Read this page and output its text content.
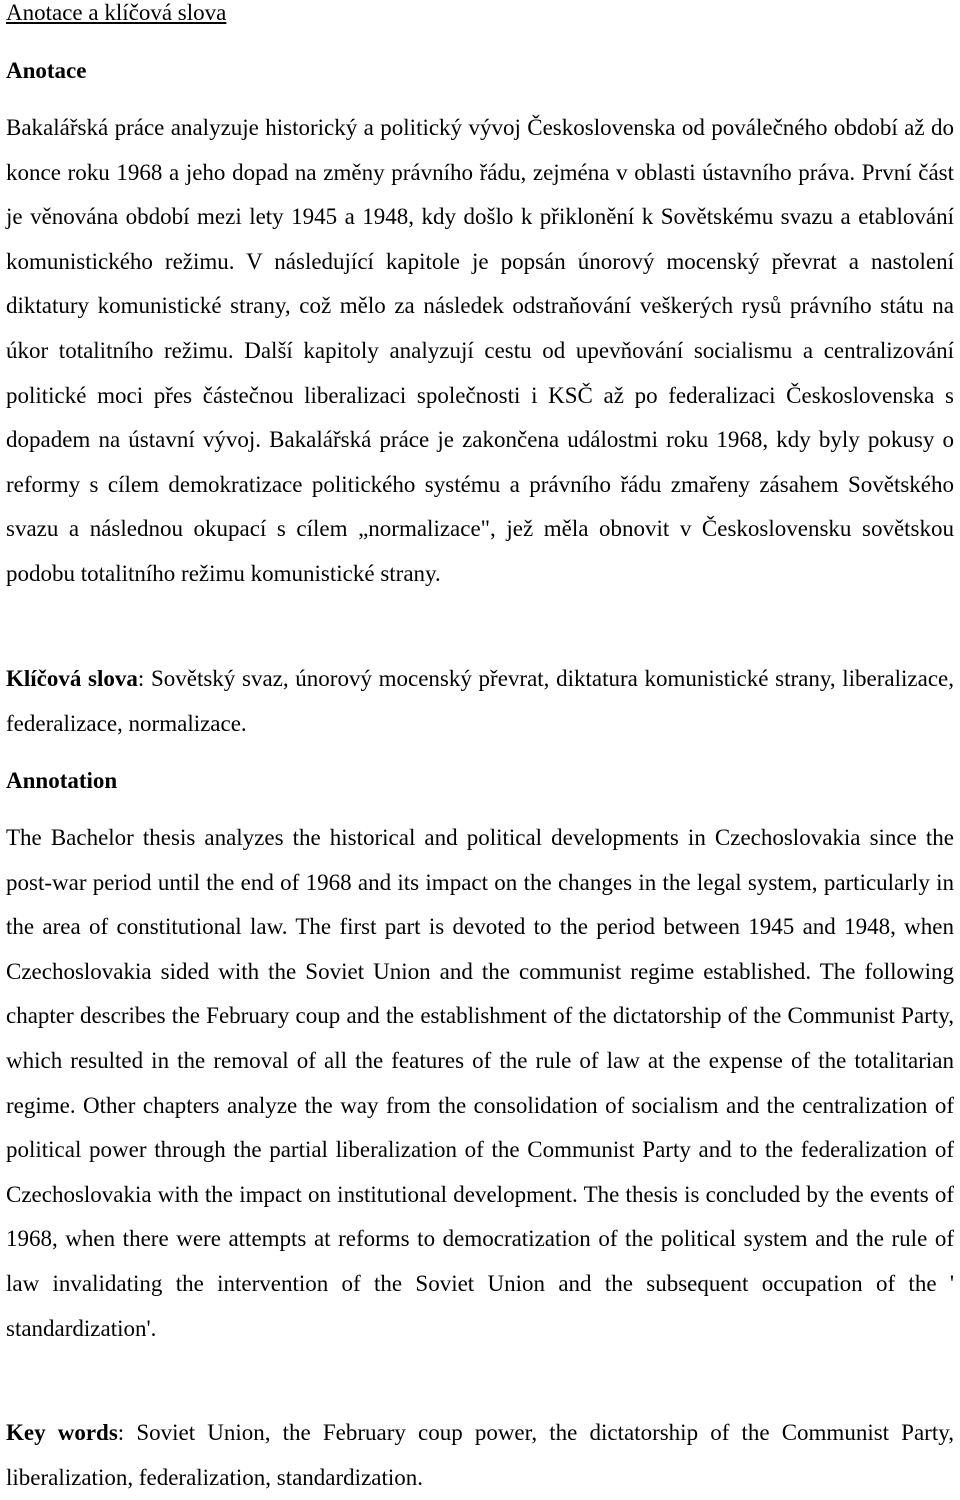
Anotace a klíčová slova
Anotace
Bakalářská práce analyzuje historický a politický vývoj Československa od poválečného období až do konce roku 1968 a jeho dopad na změny právního řádu, zejména v oblasti ústavního práva. První část je věnována období mezi lety 1945 a 1948, kdy došlo k přiklonění k Sovětskému svazu a etablování komunistického režimu. V následující kapitole je popsán únorový mocenský převrat a nastolení diktatury komunistické strany, což mělo za následek odstraňování veškerých rysů právního státu na úkor totalitního režimu. Další kapitoly analyzují cestu od upevňování socialismu a centralizování politické moci přes částečnou liberalizaci společnosti i KSČ až po federalizaci Československa s dopadem na ústavní vývoj. Bakalářská práce je zakončena událostmi roku 1968, kdy byly pokusy o reformy s cílem demokratizace politického systému a právního řádu zmařeny zásahem Sovětského svazu a následnou okupací s cílem „normalizace", jež měla obnovit v Československu sovětskou podobu totalitního režimu komunistické strany.
Klíčová slova: Sovětský svaz, únorový mocenský převrat, diktatura komunistické strany, liberalizace, federalizace, normalizace.
Annotation
The Bachelor thesis analyzes the historical and political developments in Czechoslovakia since the post-war period until the end of 1968 and its impact on the changes in the legal system, particularly in the area of constitutional law. The first part is devoted to the period between 1945 and 1948, when Czechoslovakia sided with the Soviet Union and the communist regime established. The following chapter describes the February coup and the establishment of the dictatorship of the Communist Party, which resulted in the removal of all the features of the rule of law at the expense of the totalitarian regime. Other chapters analyze the way from the consolidation of socialism and the centralization of political power through the partial liberalization of the Communist Party and to the federalization of Czechoslovakia with the impact on institutional development. The thesis is concluded by the events of 1968, when there were attempts at reforms to democratization of the political system and the rule of law invalidating the intervention of the Soviet Union and the subsequent occupation of the ' standardization'.
Key words: Soviet Union, the February coup power, the dictatorship of the Communist Party, liberalization, federalization, standardization.
